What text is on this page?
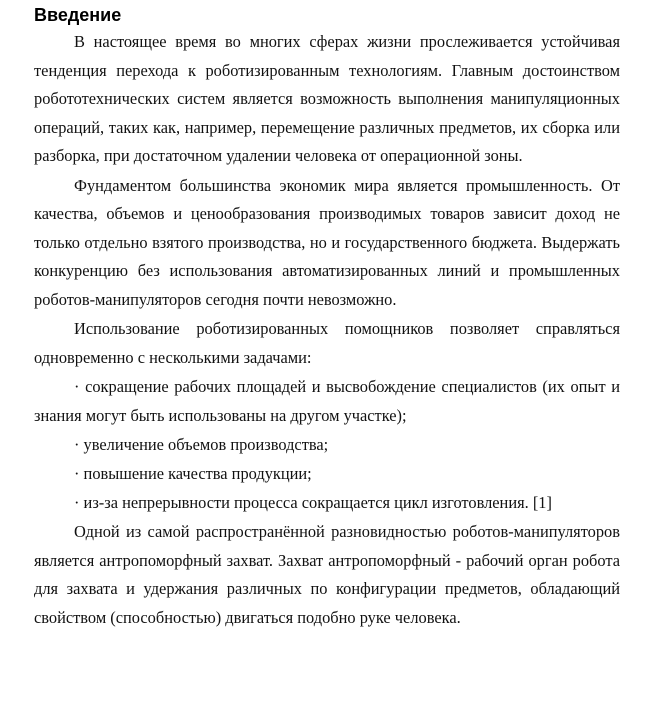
Введение

В настоящее время во многих сферах жизни прослеживается устойчивая тенденция перехода к роботизированным технологиям. Главным достоинством робототехнических систем является возможность выполнения манипуляционных операций, таких как, например, перемещение различных предметов, их сборка или разборка, при достаточном удалении человека от операционной зоны.

Фундаментом большинства экономик мира является промышленность. От качества, объемов и ценообразования производимых товаров зависит доход не только отдельно взятого производства, но и государственного бюджета. Выдержать конкуренцию без использования автоматизированных линий и промышленных роботов-манипуляторов сегодня почти невозможно.

Использование роботизированных помощников позволяет справляться одновременно с несколькими задачами:

· сокращение рабочих площадей и высвобождение специалистов (их опыт и знания могут быть использованы на другом участке);

· увеличение объемов производства;

· повышение качества продукции;

· из-за непрерывности процесса сокращается цикл изготовления. [1]

Одной из самой распространённой разновидностью роботов-манипуляторов является антропоморфный захват. Захват антропоморфный - рабочий орган робота для захвата и удержания различных по конфигурации предметов, обладающий свойством (способностью) двигаться подобно руке человека.
